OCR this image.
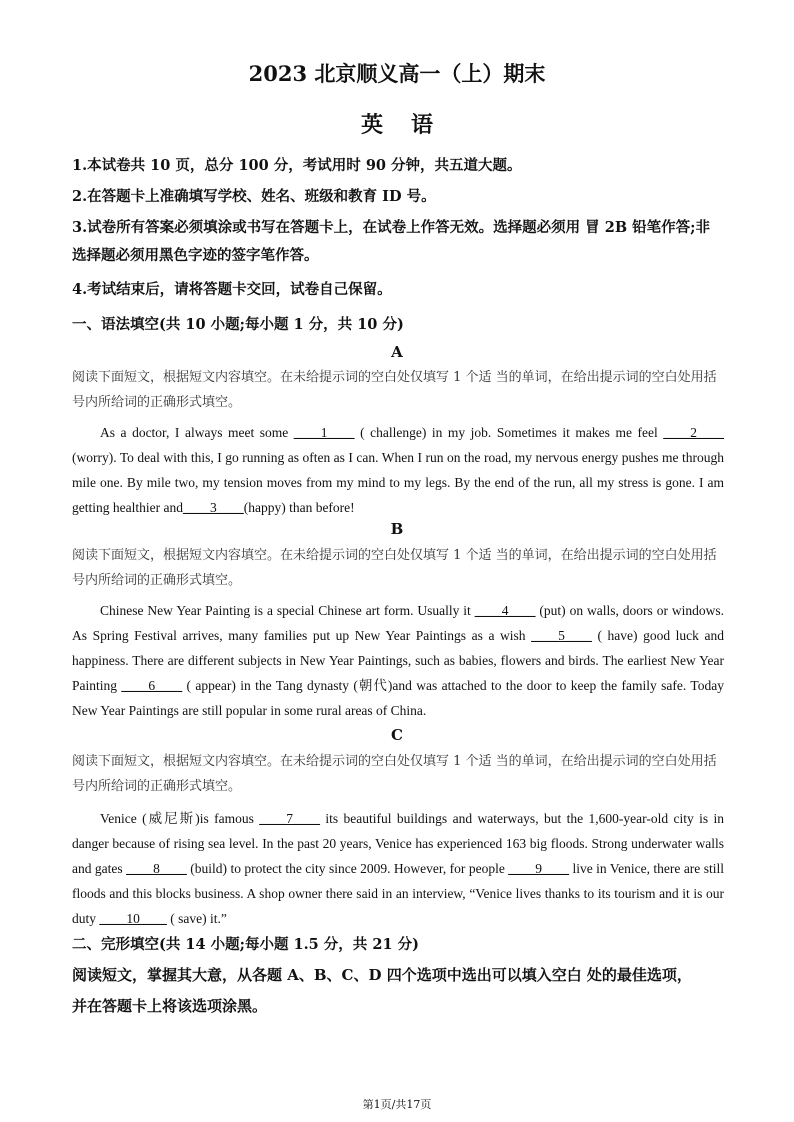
2023 北京顺义高一（上）期末
英语
1.本试卷共 10 页，总分 100 分，考试用时 90 分钟，共五道大题。
2.在答题卡上准确填写学校、姓名、班级和教育 ID 号。
3.试卷所有答案必须填涂或书写在答题卡上，在试卷上作答无效。选择题必须用 冒 2B 铅笔作答;非选择题必须用黑色字迹的签字笔作答。
4.考试结束后，请将答题卡交回，试卷自己保留。
一、语法填空(共 10 小题;每小题 1 分，共 10 分)
A
阅读下面短文，根据短文内容填空。在未给提示词的空白处仅填写 1 个适 当的单词，在给出提示词的空白处用括号内所给词的正确形式填空。
As a doctor, I always meet some ____1____ ( challenge) in my job. Sometimes it makes me feel ____2____ (worry). To deal with this, I go running as often as I can. When I run on the road, my nervous energy pushes me through mile one. By mile two, my tension moves from my mind to my legs. By the end of the run, all my stress is gone. I am getting healthier and____3____(happy) than before!
B
阅读下面短文，根据短文内容填空。在未给提示词的空白处仅填写 1 个适 当的单词，在给出提示词的空白处用括号内所给词的正确形式填空。
Chinese New Year Painting is a special Chinese art form. Usually it ____4____ (put) on walls, doors or windows. As Spring Festival arrives, many families put up New Year Paintings as a wish ____5____ ( have) good luck and happiness. There are different subjects in New Year Paintings, such as babies, flowers and birds. The earliest New Year Painting ____6____ ( appear) in the Tang dynasty (朝代)and was attached to the door to keep the family safe. Today New Year Paintings are still popular in some rural areas of China.
C
阅读下面短文，根据短文内容填空。在未给提示词的空白处仅填写 1 个适 当的单词，在给出提示词的空白处用括号内所给词的正确形式填空。
Venice (威尼斯)is famous ____7____ its beautiful buildings and waterways, but the 1,600-year-old city is in danger because of rising sea level. In the past 20 years, Venice has experienced 163 big floods. Strong underwater walls and gates ____8____ (build) to protect the city since 2009. However, for people ____9____ live in Venice, there are still floods and this blocks business. A shop owner there said in an interview, “Venice lives thanks to its tourism and it is our duty ____10____ ( save) it.”
二、完形填空(共 14 小题;每小题 1.5 分，共 21 分)
阅读短文，掌握其大意，从各题 A、B、C、D 四个选项中选出可以填入空白 处的最佳选项，并在答题卡上将该选项涂黑。
第1页/共17页
